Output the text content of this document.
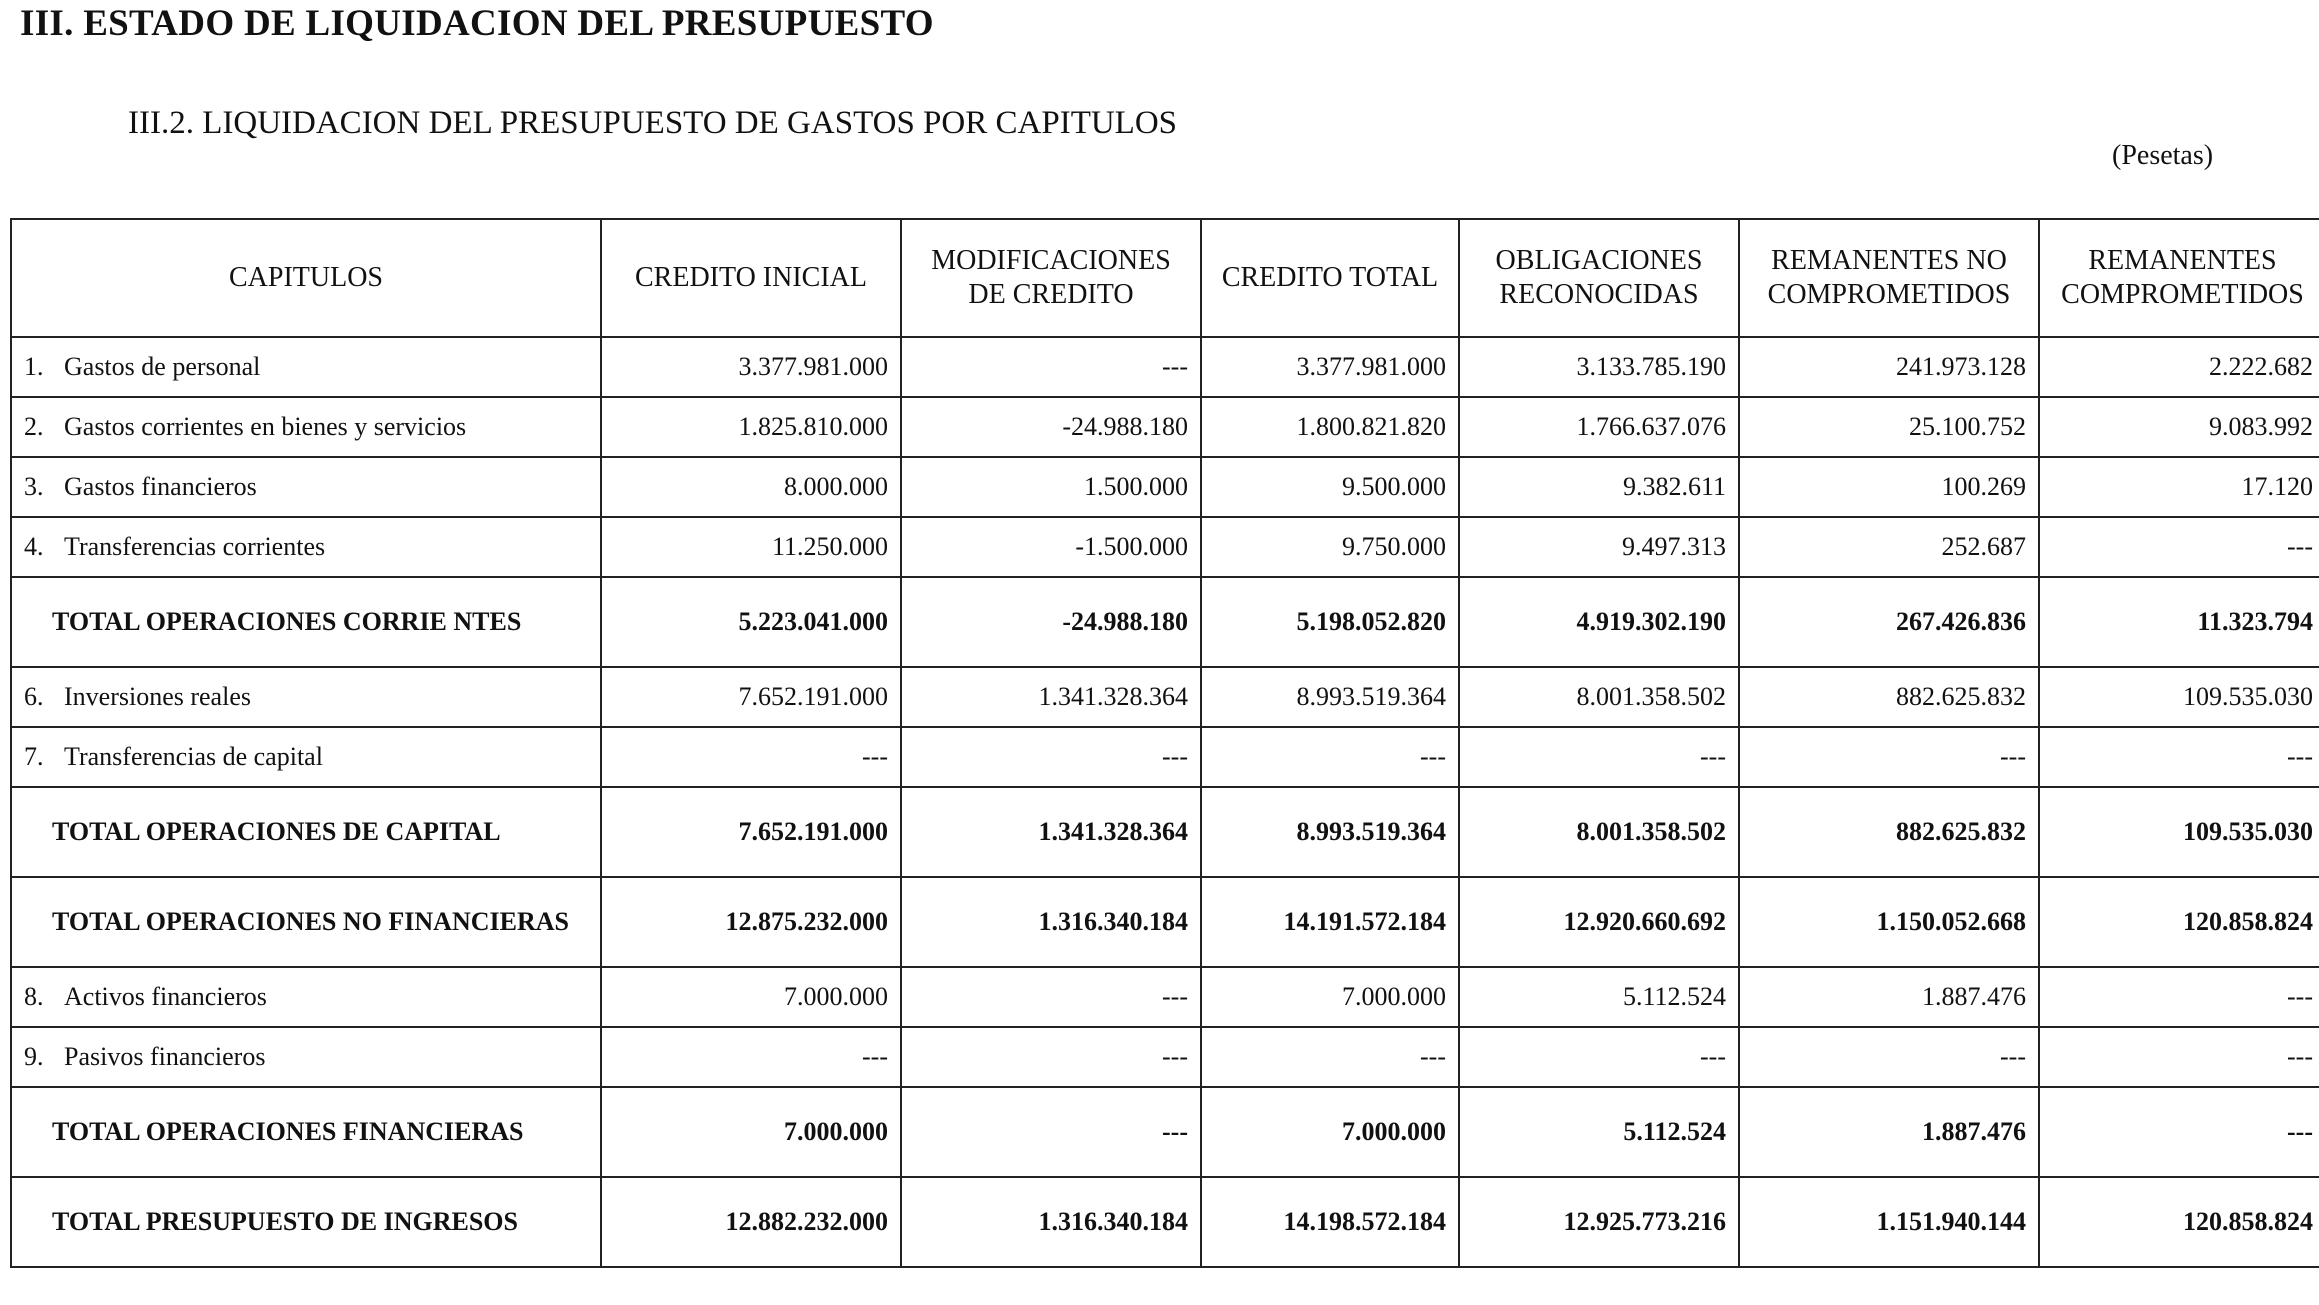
III. ESTADO DE LIQUIDACION DEL PRESUPUESTO
III.2. LIQUIDACION DEL PRESUPUESTO DE GASTOS POR CAPITULOS
(Pesetas)
CAPITULOS	CREDITO INICIAL	MODIFICACIONES DE CREDITO	CREDITO TOTAL	OBLIGACIONES RECONOCIDAS	REMANENTES NO COMPROMETIDOS	REMANENTES COMPROMETIDOS
1. Gastos de personal	3.377.981.000	---	3.377.981.000	3.133.785.190	241.973.128	2.222.682
2. Gastos corrientes en bienes y servicios	1.825.810.000	-24.988.180	1.800.821.820	1.766.637.076	25.100.752	9.083.992
3. Gastos financieros	8.000.000	1.500.000	9.500.000	9.382.611	100.269	17.120
4. Transferencias corrientes	11.250.000	-1.500.000	9.750.000	9.497.313	252.687	---
TOTAL OPERACIONES CORRIE NTES	5.223.041.000	-24.988.180	5.198.052.820	4.919.302.190	267.426.836	11.323.794
6. Inversiones reales	7.652.191.000	1.341.328.364	8.993.519.364	8.001.358.502	882.625.832	109.535.030
7. Transferencias de capital	---	---	---	---	---	---
TOTAL OPERACIONES DE CAPITAL	7.652.191.000	1.341.328.364	8.993.519.364	8.001.358.502	882.625.832	109.535.030
TOTAL OPERACIONES NO FINANCIERAS	12.875.232.000	1.316.340.184	14.191.572.184	12.920.660.692	1.150.052.668	120.858.824
8. Activos financieros	7.000.000	---	7.000.000	5.112.524	1.887.476	---
9. Pasivos financieros	---	---	---	---	---	---
TOTAL OPERACIONES FINANCIERAS	7.000.000	---	7.000.000	5.112.524	1.887.476	---
TOTAL PRESUPUESTO DE INGRESOS	12.882.232.000	1.316.340.184	14.198.572.184	12.925.773.216	1.151.940.144	120.858.824
